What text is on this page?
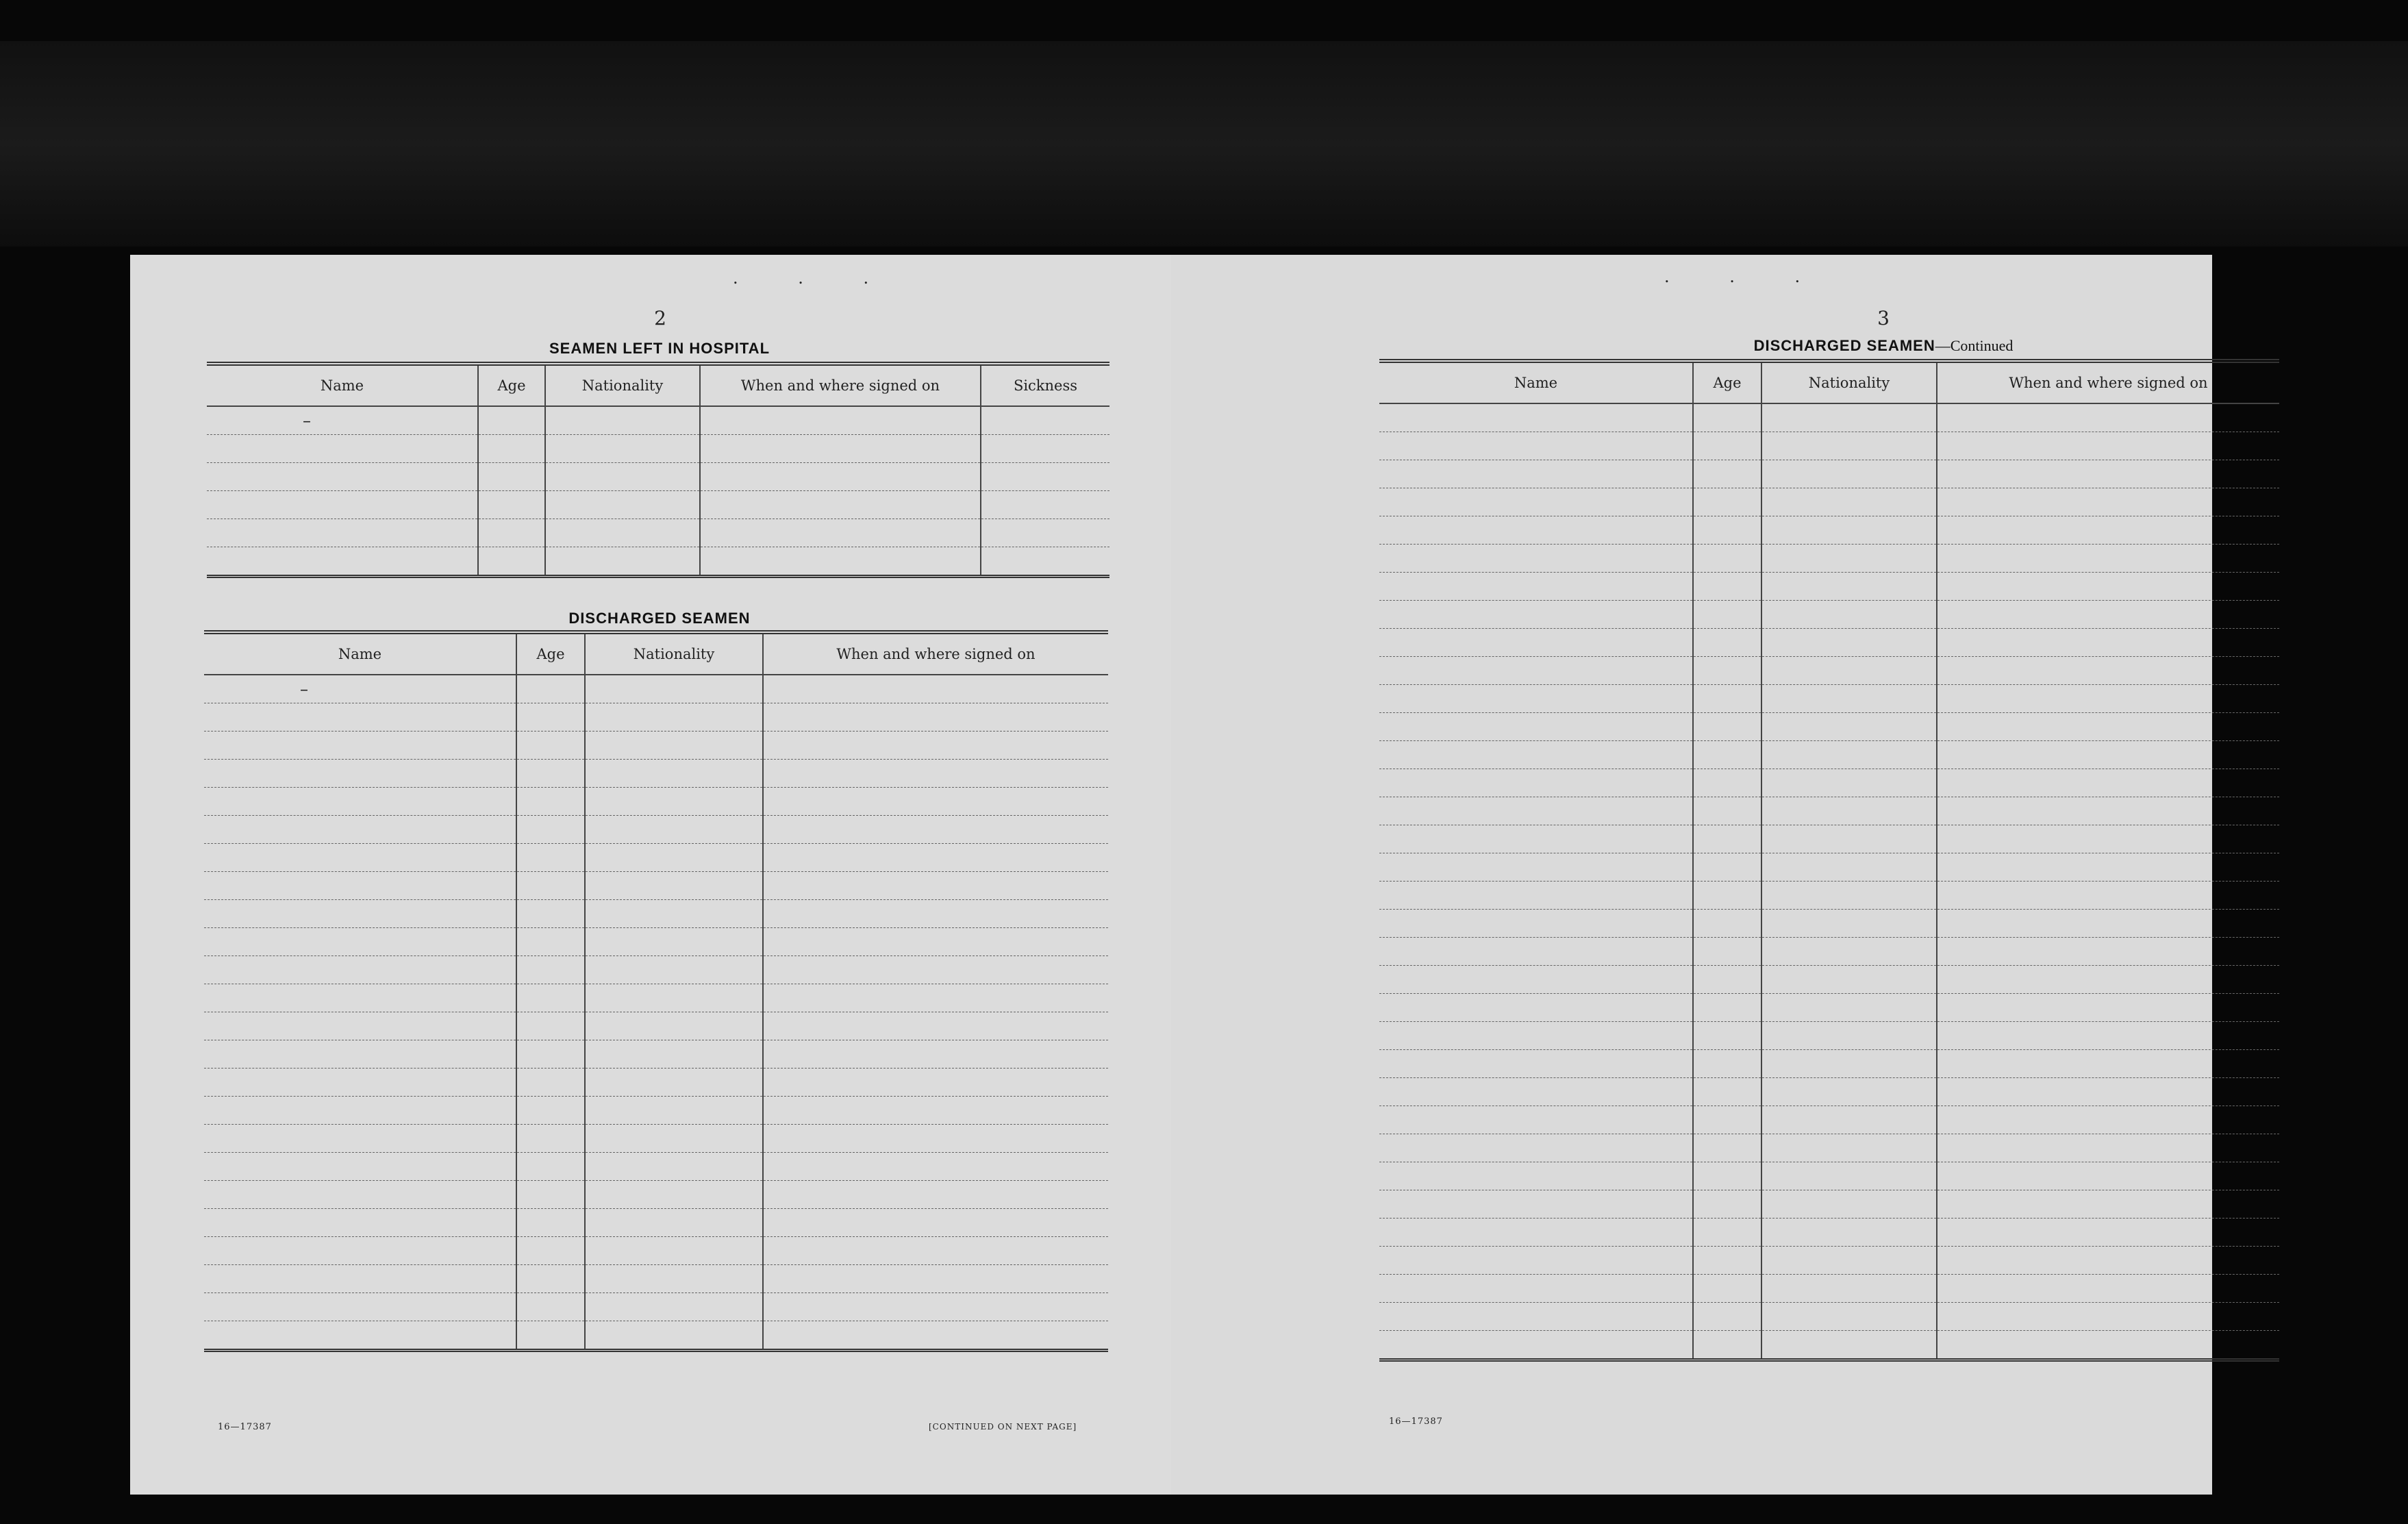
. . .
2
SEAMEN LEFT IN HOSPITAL
Name	Age	Nationality	When and where signed on	Sickness
–				

DISCHARGED SEAMEN
Name	Age	Nationality	When and where signed on
–			

16—17387	[CONTINUED ON NEXT PAGE]
. . .
3
DISCHARGED SEAMEN—Continued
Name	Age	Nationality	When and where signed on

16—17387
